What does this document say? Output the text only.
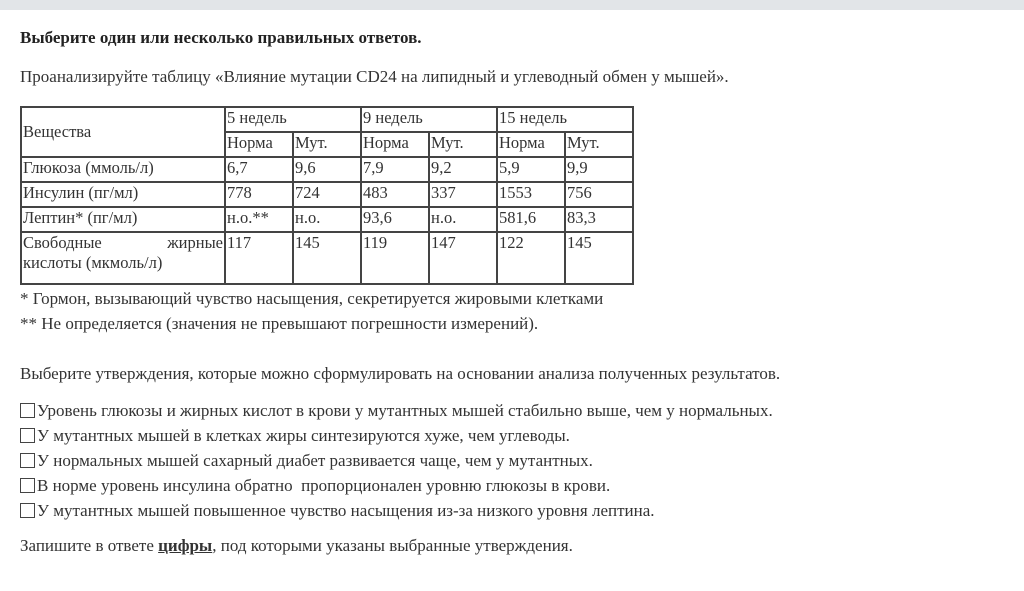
Выберите один или несколько правильных ответов.

Проанализируйте таблицу «Влияние мутации CD24 на липидный и углеводный обмен у мышей».

Вещества	5 недель		9 недель		15 недель	
	Норма	Мут.	Норма	Мут.	Норма	Мут.
Глюкоза (ммоль/л)	6,7	9,6	7,9	9,2	5,9	9,9
Инсулин (пг/мл)	778	724	483	337	1553	756
Лептин* (пг/мл)	н.о.**	н.о.	93,6	н.о.	581,6	83,3

Свободные жирные
кислоты (мкмоль/л)	117	145	119	147	122	145

* Гормон, вызывающий чувство насыщения, секретируется жировыми клетками

** Не определяется (значения не превышают погрешности измерений).

Выберите утверждения, которые можно сформулировать на основании анализа полученных результатов.

Уровень глюкозы и жирных кислот в крови у мутантных мышей стабильно выше, чем у нормальных.
У мутантных мышей в клетках жиры синтезируются хуже, чем углеводы.
У нормальных мышей сахарный диабет развивается чаще, чем у мутантных.
В норме уровень инсулина обратно  пропорционален уровню глюкозы в крови.
У мутантных мышей повышенное чувство насыщения из-за низкого уровня лептина.

Запишите в ответе цифры, под которыми указаны выбранные утверждения.
